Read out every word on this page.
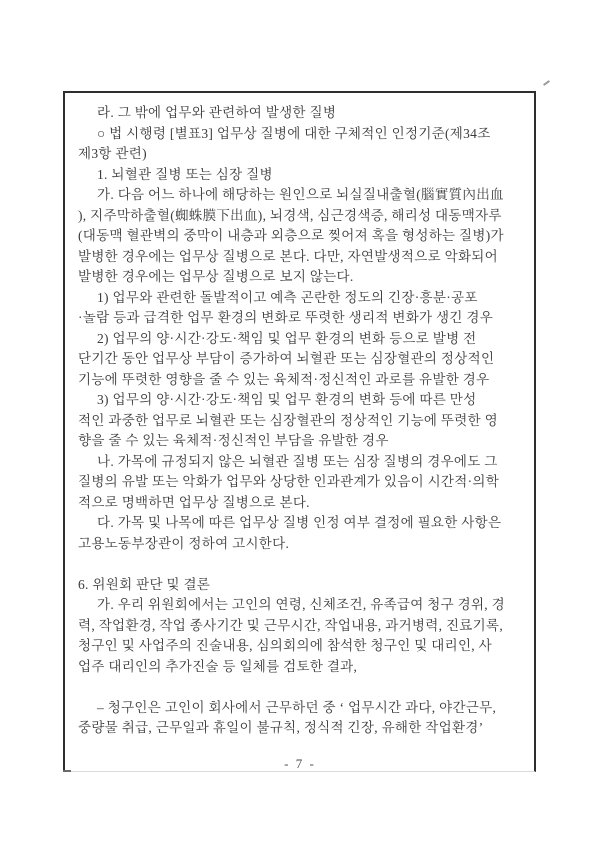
라. 그 밖에 업무와 관련하여 발생한 질병
○ 법 시행령 [별표3] 업무상 질병에 대한 구체적인 인정기준(제34조
제3항 관련)
1. 뇌혈관 질병 또는 심장 질병
가. 다음 어느 하나에 해당하는 원인으로 뇌실질내출혈(腦實質內出血
), 지주막하출혈(蜘蛛膜下出血), 뇌경색, 심근경색증, 해리성 대동맥자루
(대동맥 혈관벽의 중막이 내층과 외층으로 찢어져 혹을 형성하는 질병)가
발병한 경우에는 업무상 질병으로 본다. 다만, 자연발생적으로 악화되어
발병한 경우에는 업무상 질병으로 보지 않는다.
1) 업무와 관련한 돌발적이고 예측 곤란한 정도의 긴장·흥분·공포
·놀람 등과 급격한 업무 환경의 변화로 뚜렷한 생리적 변화가 생긴 경우
2) 업무의 양·시간·강도·책임 및 업무 환경의 변화 등으로 발병 전
단기간 동안 업무상 부담이 증가하여 뇌혈관 또는 심장혈관의 정상적인
기능에 뚜렷한 영향을 줄 수 있는 육체적·정신적인 과로를 유발한 경우
3) 업무의 양·시간·강도·책임 및 업무 환경의 변화 등에 따른 만성
적인 과중한 업무로 뇌혈관 또는 심장혈관의 정상적인 기능에 뚜렷한 영
향을 줄 수 있는 육체적·정신적인 부담을 유발한 경우
나. 가목에 규정되지 않은 뇌혈관 질병 또는 심장 질병의 경우에도 그
질병의 유발 또는 악화가 업무와 상당한 인과관계가 있음이 시간적·의학
적으로 명백하면 업무상 질병으로 본다.
다. 가목 및 나목에 따른 업무상 질병 인정 여부 결정에 필요한 사항은
고용노동부장관이 정하여 고시한다.
6. 위원회 판단 및 결론
가. 우리 위원회에서는 고인의 연령, 신체조건, 유족급여 청구 경위, 경
력, 작업환경, 작업 종사기간 및 근무시간, 작업내용, 과거병력, 진료기록,
청구인 및 사업주의 진술내용, 심의회의에 참석한 청구인 및 대리인, 사
업주 대리인의 추가진술 등 일체를 검토한 결과,
– 청구인은 고인이 회사에서 근무하던 중 ‘ 업무시간 과다, 야간근무,
중량물 취급, 근무일과 휴일이 불규칙, 정식적 긴장, 유해한 작업환경’
- 7 -
